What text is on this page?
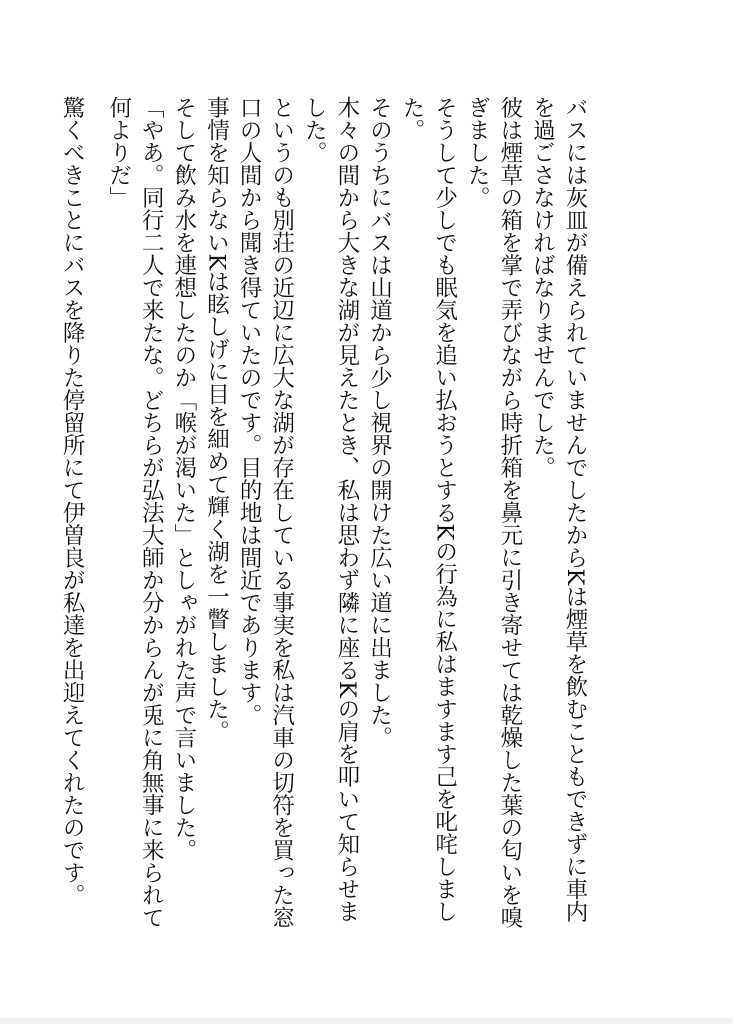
バスには灰皿が備えられていませんでしたからKは煙草を飲むこともできずに車内を過ごさなければなりませんでした。

彼は煙草の箱を掌で弄びながら時折箱を鼻元に引き寄せては乾燥した葉の匂いを嗅ぎました。

そうして少しでも眠気を追い払おうとするKの行為に私はますます己を叱咤しました。

そのうちにバスは山道から少し視界の開けた広い道に出ました。

木々の間から大きな湖が見えたとき、私は思わず隣に座るKの肩を叩いて知らせました。

というのも別荘の近辺に広大な湖が存在している事実を私は汽車の切符を買った窓口の人間から聞き得ていたのです。目的地は間近であります。

事情を知らないKは眩しげに目を細めて輝く湖を一瞥しました。

そして飲み水を連想したのか「喉が渇いた」としゃがれた声で言いました。

「やあ。同行二人で来たな。どちらが弘法大師か分からんが兎に角無事に来られて何よりだ」

驚くべきことにバスを降りた停留所にて伊曽良が私達を出迎えてくれたのです。
